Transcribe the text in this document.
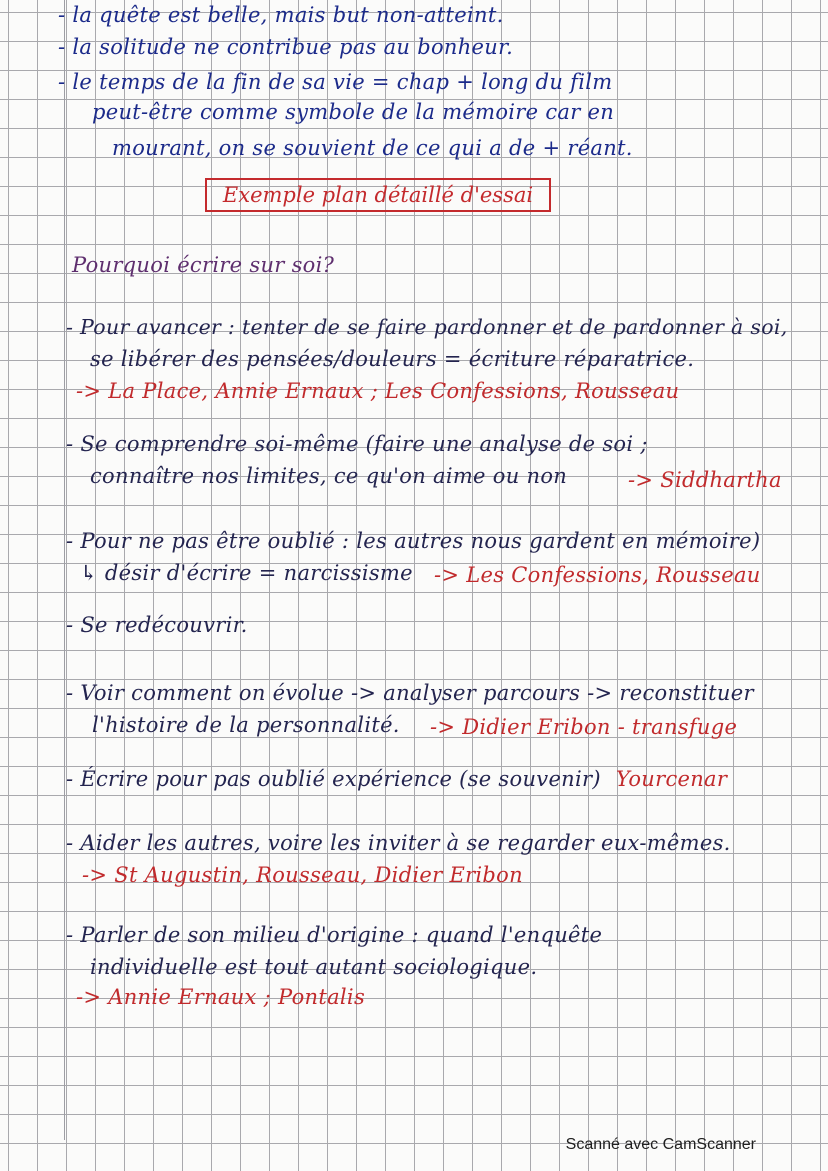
- la quête est belle, mais but non-atteint.
- la solitude ne contribue pas au bonheur.
- le temps de la fin de sa vie = chap + long du film
peut-être comme symbole de la mémoire car en
mourant, on se souvient de ce qui a de + réant.
Exemple plan détaillé d'essai
Pourquoi écrire sur soi?
- Pour avancer : tenter de se faire pardonner et de pardonner à soi,
se libérer des pensées/douleurs = écriture réparatrice.
-> La Place, Annie Ernaux ; Les Confessions, Rousseau
- Se comprendre soi-même (faire une analyse de soi ;
connaître nos limites, ce qu'on aime ou non	-> Siddhartha
- Pour ne pas être oublié : les autres nous gardent en mémoire)
↳ désir d'écrire = narcissisme -> Les Confessions, Rousseau
- Se redécouvrir.
- Voir comment on évolue -> analyser parcours -> reconstituer
l'histoire de la personnalité. -> Didier Eribon - transfuge
- Écrire pour pas oublié expérience (se souvenir) Yourcenar
- Aider les autres, voire les inviter à se regarder eux-mêmes.
-> St Augustin, Rousseau, Didier Eribon
- Parler de son milieu d'origine : quand l'enquête
individuelle est tout autant sociologique.
-> Annie Ernaux ; Pontalis
Scanné avec CamScanner
